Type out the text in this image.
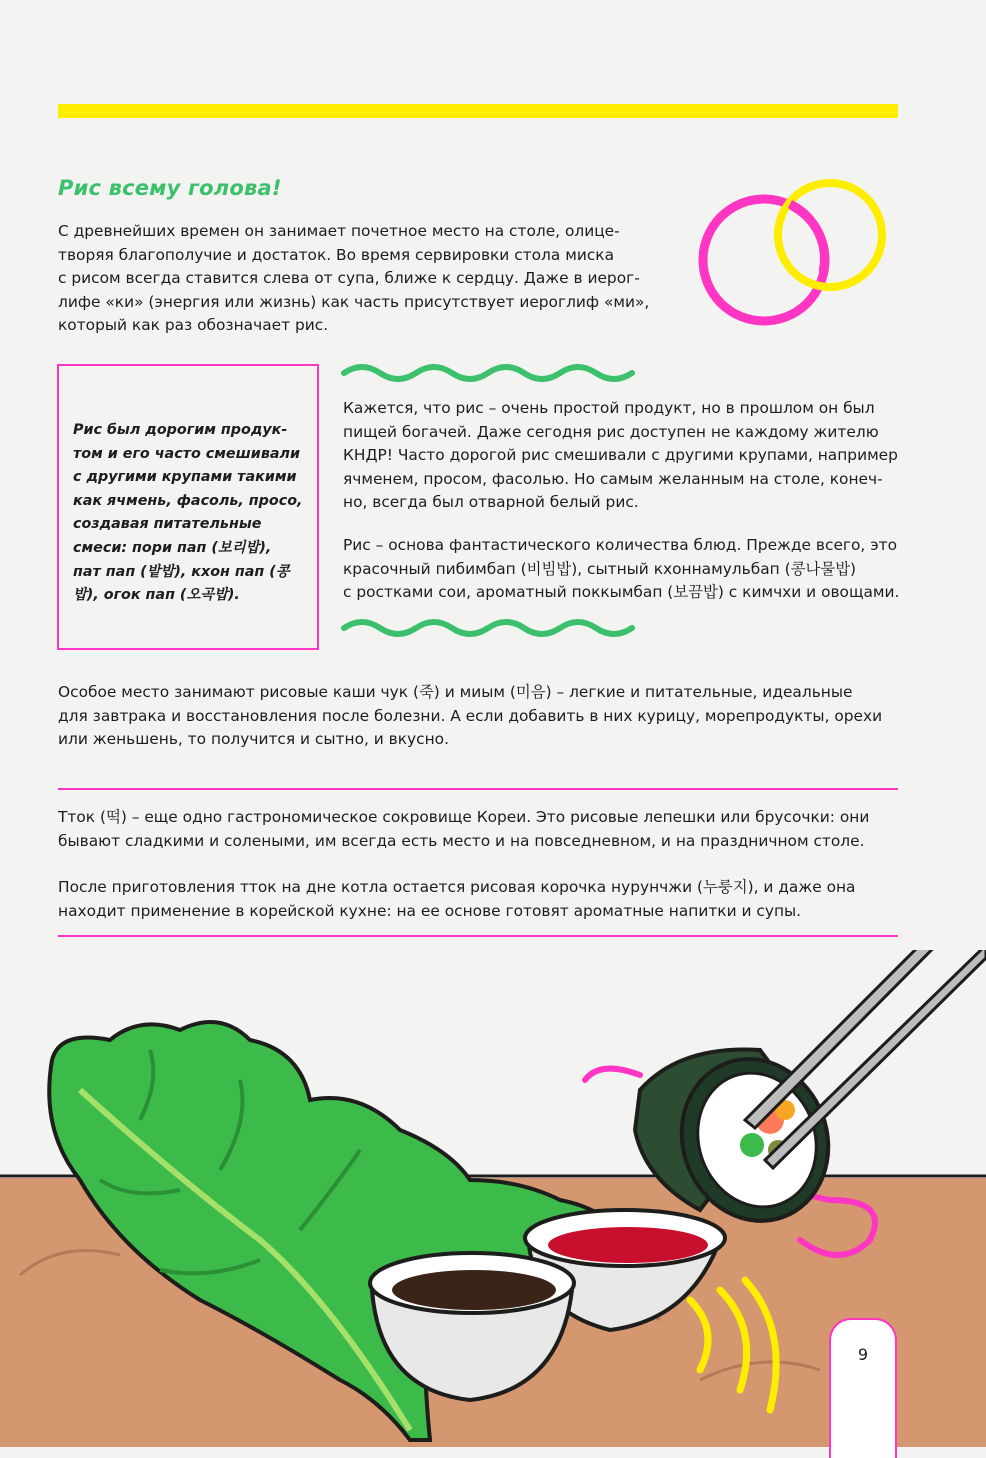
Рис всему голова!

С древнейших времен он занимает почетное место на столе, олице-

творяя благополучие и достаток. Во время сервировки стола миска

с рисом всегда ставится слева от супа, ближе к сердцу. Даже в иерог-

лифе «ки» (энергия или жизнь) как часть присутствует иероглиф «ми»,

который как раз обозначает рис.

Рис был дорогим продук-
том и его часто смешивали
с другими крупами такими
как ячмень, фасоль, просо,
создавая питательные
смеси: пори пап (보리밥),
пат пап (밭밥), кхон пап (콩
밥), огок пап (오곡밥).

Кажется, что рис – очень простой продукт, но в прошлом он был

пищей богачей. Даже сегодня рис доступен не каждому жителю

КНДР! Часто дорогой рис смешивали с другими крупами, например

ячменем, просом, фасолью. Но самым желанным на столе, конеч-

но, всегда был отварной белый рис.

Рис – основа фантастического количества блюд. Прежде всего, это

красочный пибимбап (비빔밥), сытный кхоннамульбап (콩나물밥)

с ростками сои, ароматный поккымбап (보끔밥) с кимчхи и овощами.

Особое место занимают рисовые каши чук (죽) и миым (미음) – легкие и питательные, идеальные

для завтрака и восстановления после болезни. А если добавить в них курицу, морепродукты, орехи

или женьшень, то получится и сытно, и вкусно.

Тток (떡) – еще одно гастрономическое сокровище Кореи. Это рисовые лепешки или брусочки: они

бывают сладкими и солеными, им всегда есть место и на повседневном, и на праздничном столе.

После приготовления тток на дне котла остается рисовая корочка нурунчжи (누룽지), и даже она

находит применение в корейской кухне: на ее основе готовят ароматные напитки и супы.

9
